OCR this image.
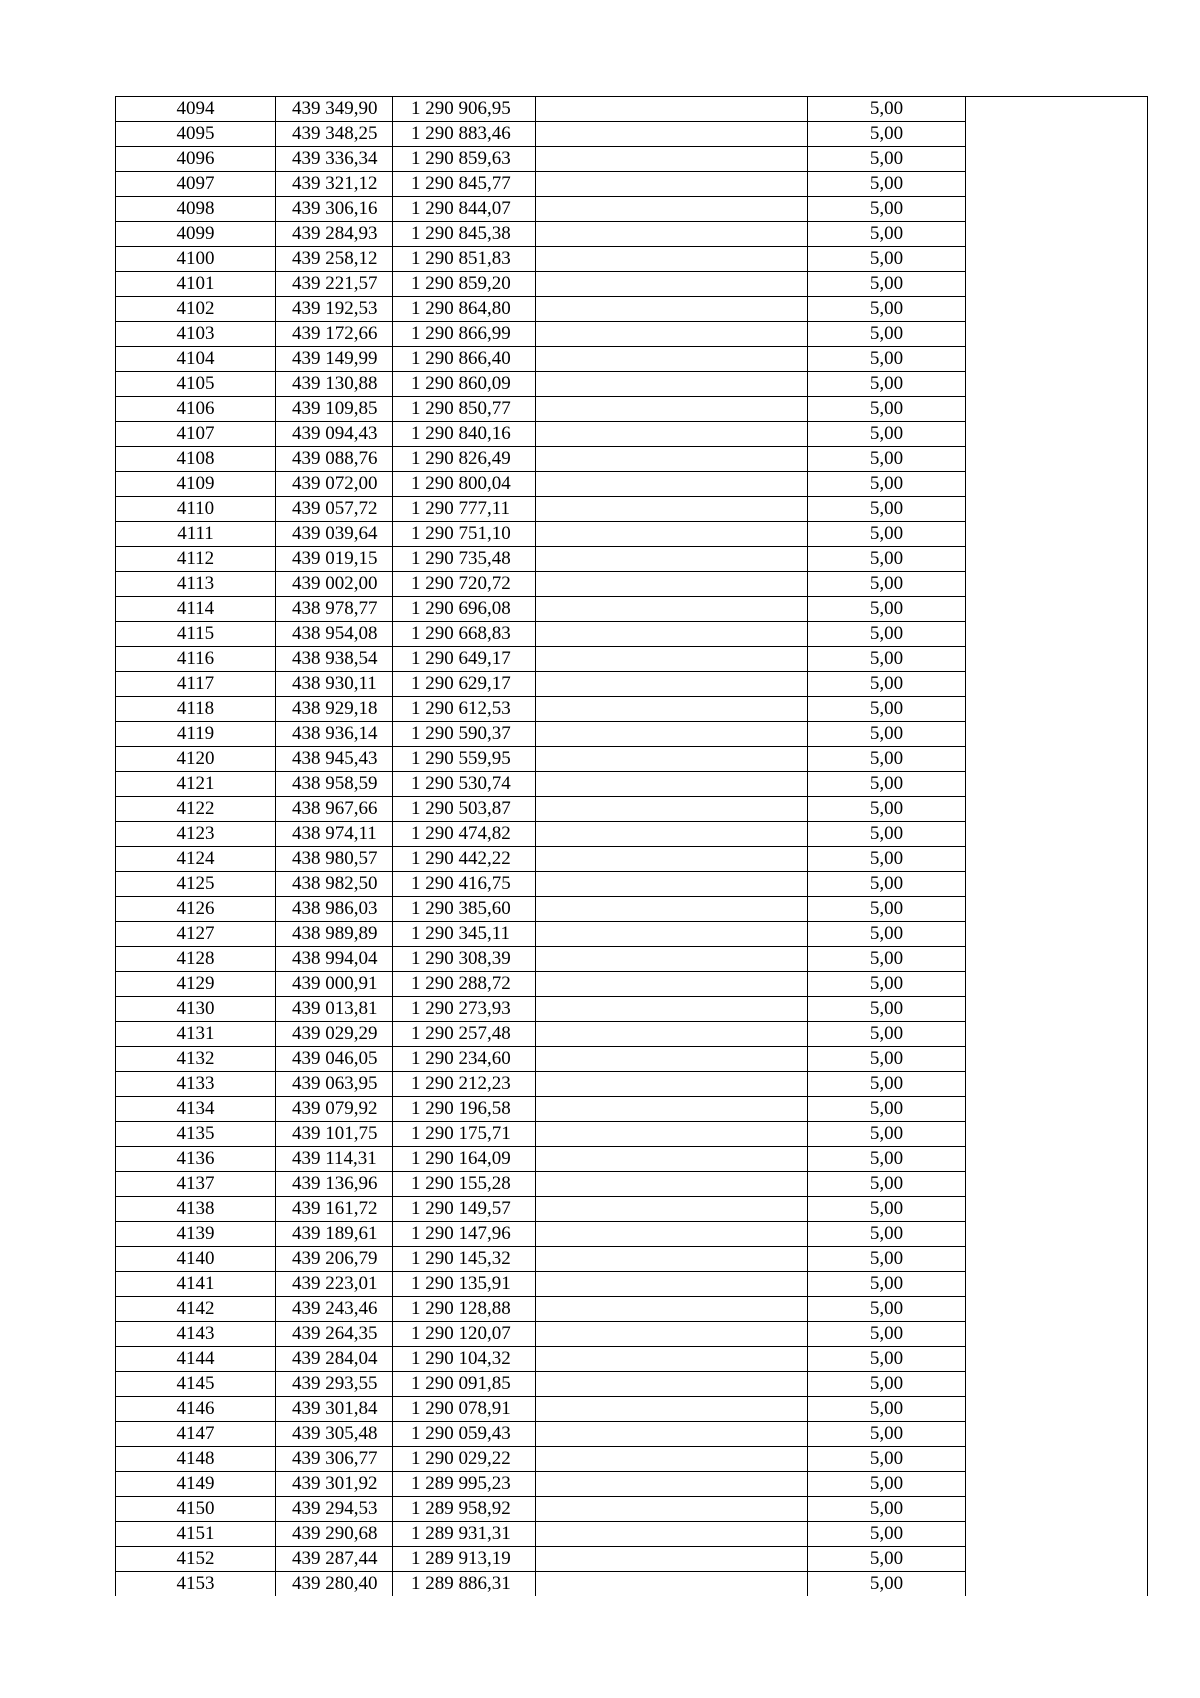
4094	439 349,90	1 290 906,95		5,00	
4095	439 348,25	1 290 883,46		5,00	
4096	439 336,34	1 290 859,63		5,00	
4097	439 321,12	1 290 845,77		5,00	
4098	439 306,16	1 290 844,07		5,00	
4099	439 284,93	1 290 845,38		5,00	
4100	439 258,12	1 290 851,83		5,00	
4101	439 221,57	1 290 859,20		5,00	
4102	439 192,53	1 290 864,80		5,00	
4103	439 172,66	1 290 866,99		5,00	
4104	439 149,99	1 290 866,40		5,00	
4105	439 130,88	1 290 860,09		5,00	
4106	439 109,85	1 290 850,77		5,00	
4107	439 094,43	1 290 840,16		5,00	
4108	439 088,76	1 290 826,49		5,00	
4109	439 072,00	1 290 800,04		5,00	
4110	439 057,72	1 290 777,11		5,00	
4111	439 039,64	1 290 751,10		5,00	
4112	439 019,15	1 290 735,48		5,00	
4113	439 002,00	1 290 720,72		5,00	
4114	438 978,77	1 290 696,08		5,00	
4115	438 954,08	1 290 668,83		5,00	
4116	438 938,54	1 290 649,17		5,00	
4117	438 930,11	1 290 629,17		5,00	
4118	438 929,18	1 290 612,53		5,00	
4119	438 936,14	1 290 590,37		5,00	
4120	438 945,43	1 290 559,95		5,00	
4121	438 958,59	1 290 530,74		5,00	
4122	438 967,66	1 290 503,87		5,00	
4123	438 974,11	1 290 474,82		5,00	
4124	438 980,57	1 290 442,22		5,00	
4125	438 982,50	1 290 416,75		5,00	
4126	438 986,03	1 290 385,60		5,00	
4127	438 989,89	1 290 345,11		5,00	
4128	438 994,04	1 290 308,39		5,00	
4129	439 000,91	1 290 288,72		5,00	
4130	439 013,81	1 290 273,93		5,00	
4131	439 029,29	1 290 257,48		5,00	
4132	439 046,05	1 290 234,60		5,00	
4133	439 063,95	1 290 212,23		5,00	
4134	439 079,92	1 290 196,58		5,00	
4135	439 101,75	1 290 175,71		5,00	
4136	439 114,31	1 290 164,09		5,00	
4137	439 136,96	1 290 155,28		5,00	
4138	439 161,72	1 290 149,57		5,00	
4139	439 189,61	1 290 147,96		5,00	
4140	439 206,79	1 290 145,32		5,00	
4141	439 223,01	1 290 135,91		5,00	
4142	439 243,46	1 290 128,88		5,00	
4143	439 264,35	1 290 120,07		5,00	
4144	439 284,04	1 290 104,32		5,00	
4145	439 293,55	1 290 091,85		5,00	
4146	439 301,84	1 290 078,91		5,00	
4147	439 305,48	1 290 059,43		5,00	
4148	439 306,77	1 290 029,22		5,00	
4149	439 301,92	1 289 995,23		5,00	
4150	439 294,53	1 289 958,92		5,00	
4151	439 290,68	1 289 931,31		5,00	
4152	439 287,44	1 289 913,19		5,00	
4153	439 280,40	1 289 886,31		5,00	
